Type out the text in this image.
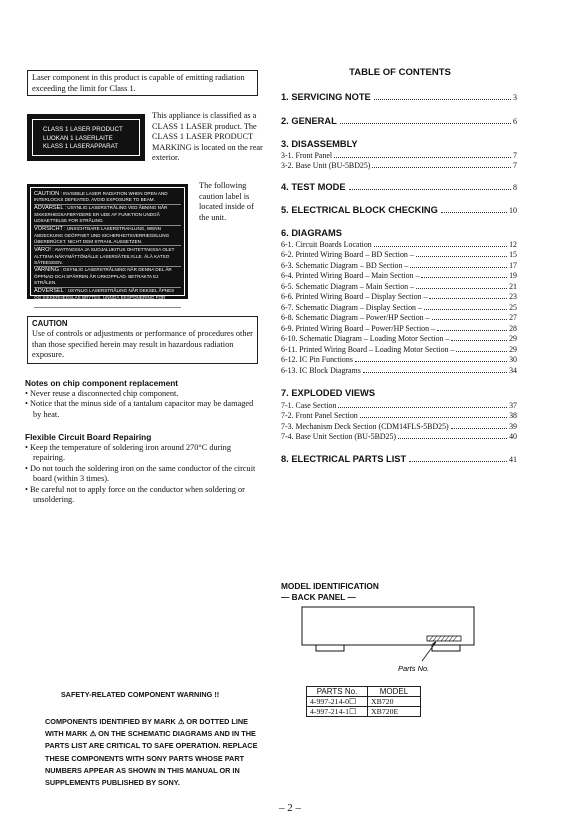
Laser component in this product is capable of emitting radiation exceeding the limit for Class 1.
CLASS 1 LASER PRODUCT
LUOKAN 1 LASERLAITE
KLASS 1 LASERAPPARAT
This appliance is classified as a CLASS 1 LASER product. The CLASS 1 LASER PRODUCT MARKING is located on the rear exterior.
CAUTION : INVISIBLE LASER RADIATION WHEN OPEN AND INTERLOCKS DEFEATED. AVOID EXPOSURE TO BEAM.
ADVARSEL : USYNLIG LASERSTRÅLING VED ÅBNING NÅR SIKKERHEDSAFBRYDERE ER UDE AF FUNKTION UNDGÅ UDSAETTELSE FOR STRÅLING.
VORSICHT : UNSICHTBARE LASERSTRAHLUNG, WENN ABDECKUNG GEÖFFNET UND SICHERHEITSVERRIEGELUNG ÜBERBRÜCKT. NICHT DEM STRAHL AUSSETZEN.
VARO! : AVATTAESSA JA SUOJALUKITUS OHITETTAESSA OLET ALTTIINA NÄKYMÄTTÖMÄLLE LASERSÄTEILYLLE. ÄLÄ KATSO SÄTEESEEN.
VARNING : OSYNLIG LASERSTRÅLNING NÄR DENNA DEL ÄR ÖPPNAD OCH SPÄRREN ÄR URKOPPLAD. BETRAKTA EJ STRÅLEN.
ADVERSEL : USYNLIG LASERSTRÅLING NÅR DEKSEL ÅPNES OG SIKKERHEDSLÅS BRYTES. UNNGÅ EKSPONERING FOR STRÅLEN.
VIGYÁZAT! : A BURKOLAT NYITÁSAKOR LÁTHATATLAN LÉZERSUGÁRVESZÉLY! KERÜLJE A BESUGÁRZÁST!
The following caution label is located inside of the unit.
CAUTION
Use of controls or adjustments or performance of procedures other than those specified herein may result in hazardous radiation exposure.
Notes on chip component replacement
• Never reuse a disconnected chip component.
• Notice that the minus side of a tantalum capacitor may be damaged by heat.
Flexible Circuit Board Repairing
• Keep the temperature of soldering iron around 270°C during repairing.
• Do not touch the soldering iron on the same conductor of the circuit board (within 3 times).
• Be careful not to apply force on the conductor when soldering or unsoldering.
SAFETY-RELATED COMPONENT WARNING !!
COMPONENTS IDENTIFIED BY MARK ⚠ OR DOTTED LINE WITH MARK ⚠ ON THE SCHEMATIC DIAGRAMS AND IN THE PARTS LIST ARE CRITICAL TO SAFE OPERATION. REPLACE THESE COMPONENTS WITH SONY PARTS WHOSE PART NUMBERS APPEAR AS SHOWN IN THIS MANUAL OR IN SUPPLEMENTS PUBLISHED BY SONY.
TABLE OF CONTENTS
1. SERVICING NOTE	3
2. GENERAL	6
3. DISASSEMBLY
3-1. Front Panel	7
3-2. Base Unit (BU-5BD25)	7
4. TEST MODE	8
5. ELECTRICAL BLOCK CHECKING	10
6. DIAGRAMS
6-1. Circuit Boards Location	12
6-2. Printed Wiring Board – BD Section –	15
6-3. Schematic Diagram – BD Section –	17
6-4. Printed Wiring Board – Main Section –	19
6-5. Schematic Diagram – Main Section –	21
6-6. Printed Wiring Board – Display Section –	23
6-7. Schematic Diagram – Display Section –	25
6-8. Schematic Diagram – Power/HP Section –	27
6-9. Printed Wiring Board – Power/HP Section –	28
6-10. Schematic Diagram – Loading Motor Section –	29
6-11. Printed Wiring Board – Loading Motor Section –	29
6-12. IC Pin Functions	30
6-13. IC Block Diagrams	34
7. EXPLODED VIEWS
7-1. Case Section	37
7-2. Front Panel Section	38
7-3. Mechanism Deck Section (CDM14FLS-5BD25)	39
7-4. Base Unit Section (BU-5BD25)	40
8. ELECTRICAL PARTS LIST	41
MODEL IDENTIFICATION
— BACK PANEL —
Parts No.
PARTS No.	MODEL
4-997-214-0☐	XB720
4-997-214-1☐	XB720E
– 2 –
